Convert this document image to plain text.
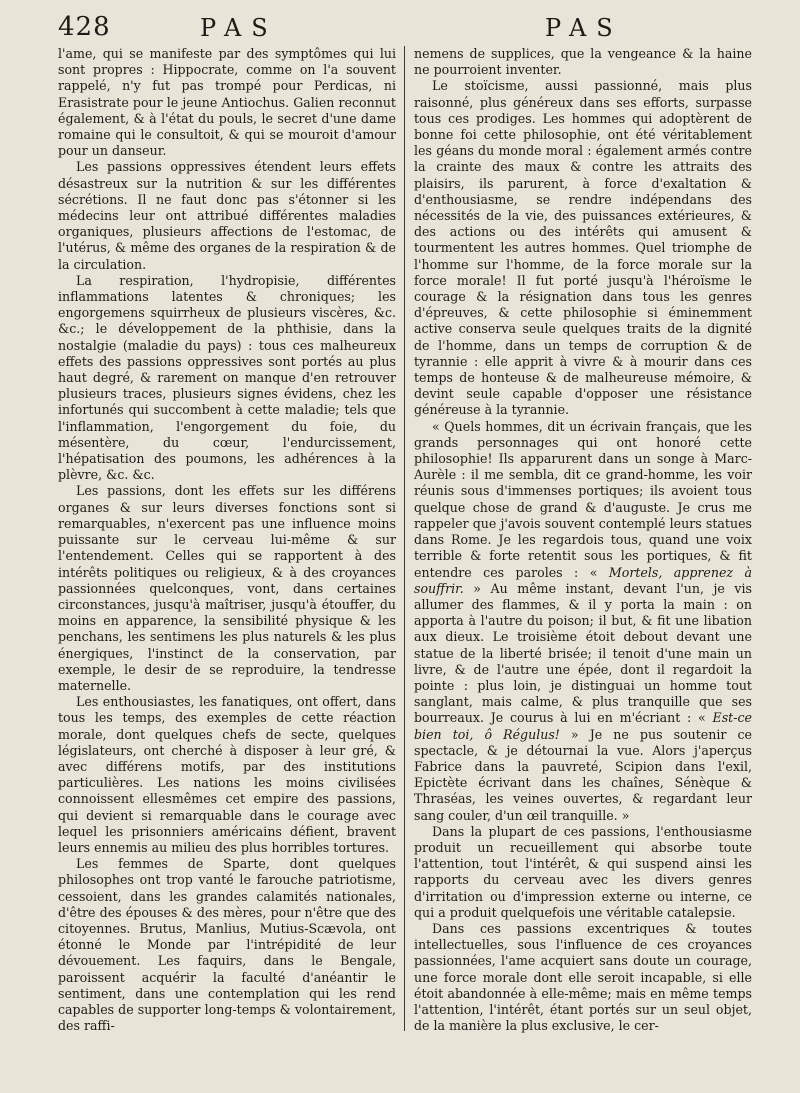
428	PAS	PAS

l'ame, qui se manifeste par des symptômes qui lui sont propres : Hippocrate, comme on l'a souvent rappelé, n'y fut pas trompé pour Perdicas, ni Erasistrate pour le jeune Antiochus. Galien reconnut également, & à l'état du pouls, le secret d'une dame romaine qui le consultoit, & qui se mouroit d'amour pour un danseur.

Les passions oppressives étendent leurs effets désastreux sur la nutrition & sur les différentes sécrétions. Il ne faut donc pas s'étonner si les médecins leur ont attribué différentes maladies organiques, plusieurs affections de l'estomac, de l'utérus, & même des organes de la respiration & de la circulation.

La respiration, l'hydropisie, différentes inflammations latentes & chroniques; les engorgemens squirrheux de plusieurs viscères, &c. &c.; le développement de la phthisie, dans la nostalgie (maladie du pays) : tous ces malheureux effets des passions oppressives sont portés au plus haut degré, & rarement on manque d'en retrouver plusieurs traces, plusieurs signes évidens, chez les infortunés qui succombent à cette maladie; tels que l'inflammation, l'engorgement du foie, du mésentère, du cœur, l'endurcissement, l'hépatisation des poumons, les adhérences à la plèvre, &c. &c.

Les passions, dont les effets sur les différens organes & sur leurs diverses fonctions sont si remarquables, n'exercent pas une influence moins puissante sur le cerveau lui-même & sur l'entendement. Celles qui se rapportent à des intérêts politiques ou religieux, & à des croyances passionnées quelconques, vont, dans certaines circonstances, jusqu'à maîtriser, jusqu'à étouffer, du moins en apparence, la sensibilité physique & les penchans, les sentimens les plus naturels & les plus énergiques, l'instinct de la conservation, par exemple, le desir de se reproduire, la tendresse maternelle.

Les enthousiastes, les fanatiques, ont offert, dans tous les temps, des exemples de cette réaction morale, dont quelques chefs de secte, quelques législateurs, ont cherché à disposer à leur gré, & avec différens motifs, par des institutions particulières. Les nations les moins civilisées connoissent ellesmêmes cet empire des passions, qui devient si remarquable dans le courage avec lequel les prisonniers américains défient, bravent leurs ennemis au milieu des plus horribles tortures.

Les femmes de Sparte, dont quelques philosophes ont trop vanté le farouche patriotisme, cessoient, dans les grandes calamités nationales, d'être des épouses & des mères, pour n'être que des citoyennes. Brutus, Manlius, Mutius-Scævola, ont étonné le Monde par l'intrépidité de leur dévouement. Les faquirs, dans le Bengale, paroissent acquérir la faculté d'anéantir le sentiment, dans une contemplation qui les rend capables de supporter long-temps & volontairement, des raffi-

nemens de supplices, que la vengeance & la haine ne pourroient inventer.

Le stoïcisme, aussi passionné, mais plus raisonné, plus généreux dans ses efforts, surpasse tous ces prodiges. Les hommes qui adoptèrent de bonne foi cette philosophie, ont été véritablement les géans du monde moral : également armés contre la crainte des maux & contre les attraits des plaisirs, ils parurent, à force d'exaltation & d'enthousiasme, se rendre indépendans des nécessités de la vie, des puissances extérieures, & des actions ou des intérêts qui amusent & tourmentent les autres hommes. Quel triomphe de l'homme sur l'homme, de la force morale sur la force morale! Il fut porté jusqu'à l'héroïsme le courage & la résignation dans tous les genres d'épreuves, & cette philosophie si éminemment active conserva seule quelques traits de la dignité de l'homme, dans un temps de corruption & de tyrannie : elle apprit à vivre & à mourir dans ces temps de honteuse & de malheureuse mémoire, & devint seule capable d'opposer une résistance généreuse à la tyrannie.

« Quels hommes, dit un écrivain français, que les grands personnages qui ont honoré cette philosophie! Ils apparurent dans un songe à Marc-Aurèle : il me sembla, dit ce grand-homme, les voir réunis sous d'immenses portiques; ils avoient tous quelque chose de grand & d'auguste. Je crus me rappeler que j'avois souvent contemplé leurs statues dans Rome. Je les regardois tous, quand une voix terrible & forte retentit sous les portiques, & fit entendre ces paroles : « Mortels, apprenez à souffrir. » Au même instant, devant l'un, je vis allumer des flammes, & il y porta la main : on apporta à l'autre du poison; il but, & fit une libation aux dieux. Le troisième étoit debout devant une statue de la liberté brisée; il tenoit d'une main un livre, & de l'autre une épée, dont il regardoit la pointe : plus loin, je distinguai un homme tout sanglant, mais calme, & plus tranquille que ses bourreaux. Je courus à lui en m'écriant : « Est-ce bien toi, ô Régulus! » Je ne pus soutenir ce spectacle, & je détournai la vue. Alors j'aperçus Fabrice dans la pauvreté, Scipion dans l'exil, Epictète écrivant dans les chaînes, Sénèque & Thraséas, les veines ouvertes, & regardant leur sang couler, d'un œil tranquille. »

Dans la plupart de ces passions, l'enthousiasme produit un recueillement qui absorbe toute l'attention, tout l'intérêt, & qui suspend ainsi les rapports du cerveau avec les divers genres d'irritation ou d'impression externe ou interne, ce qui a produit quelquefois une véritable catalepsie.

Dans ces passions excentriques & toutes intellectuelles, sous l'influence de ces croyances passionnées, l'ame acquiert sans doute un courage, une force morale dont elle seroit incapable, si elle étoit abandonnée à elle-même; mais en même temps l'attention, l'intérêt, étant portés sur un seul objet, de la manière la plus exclusive, le cer-
